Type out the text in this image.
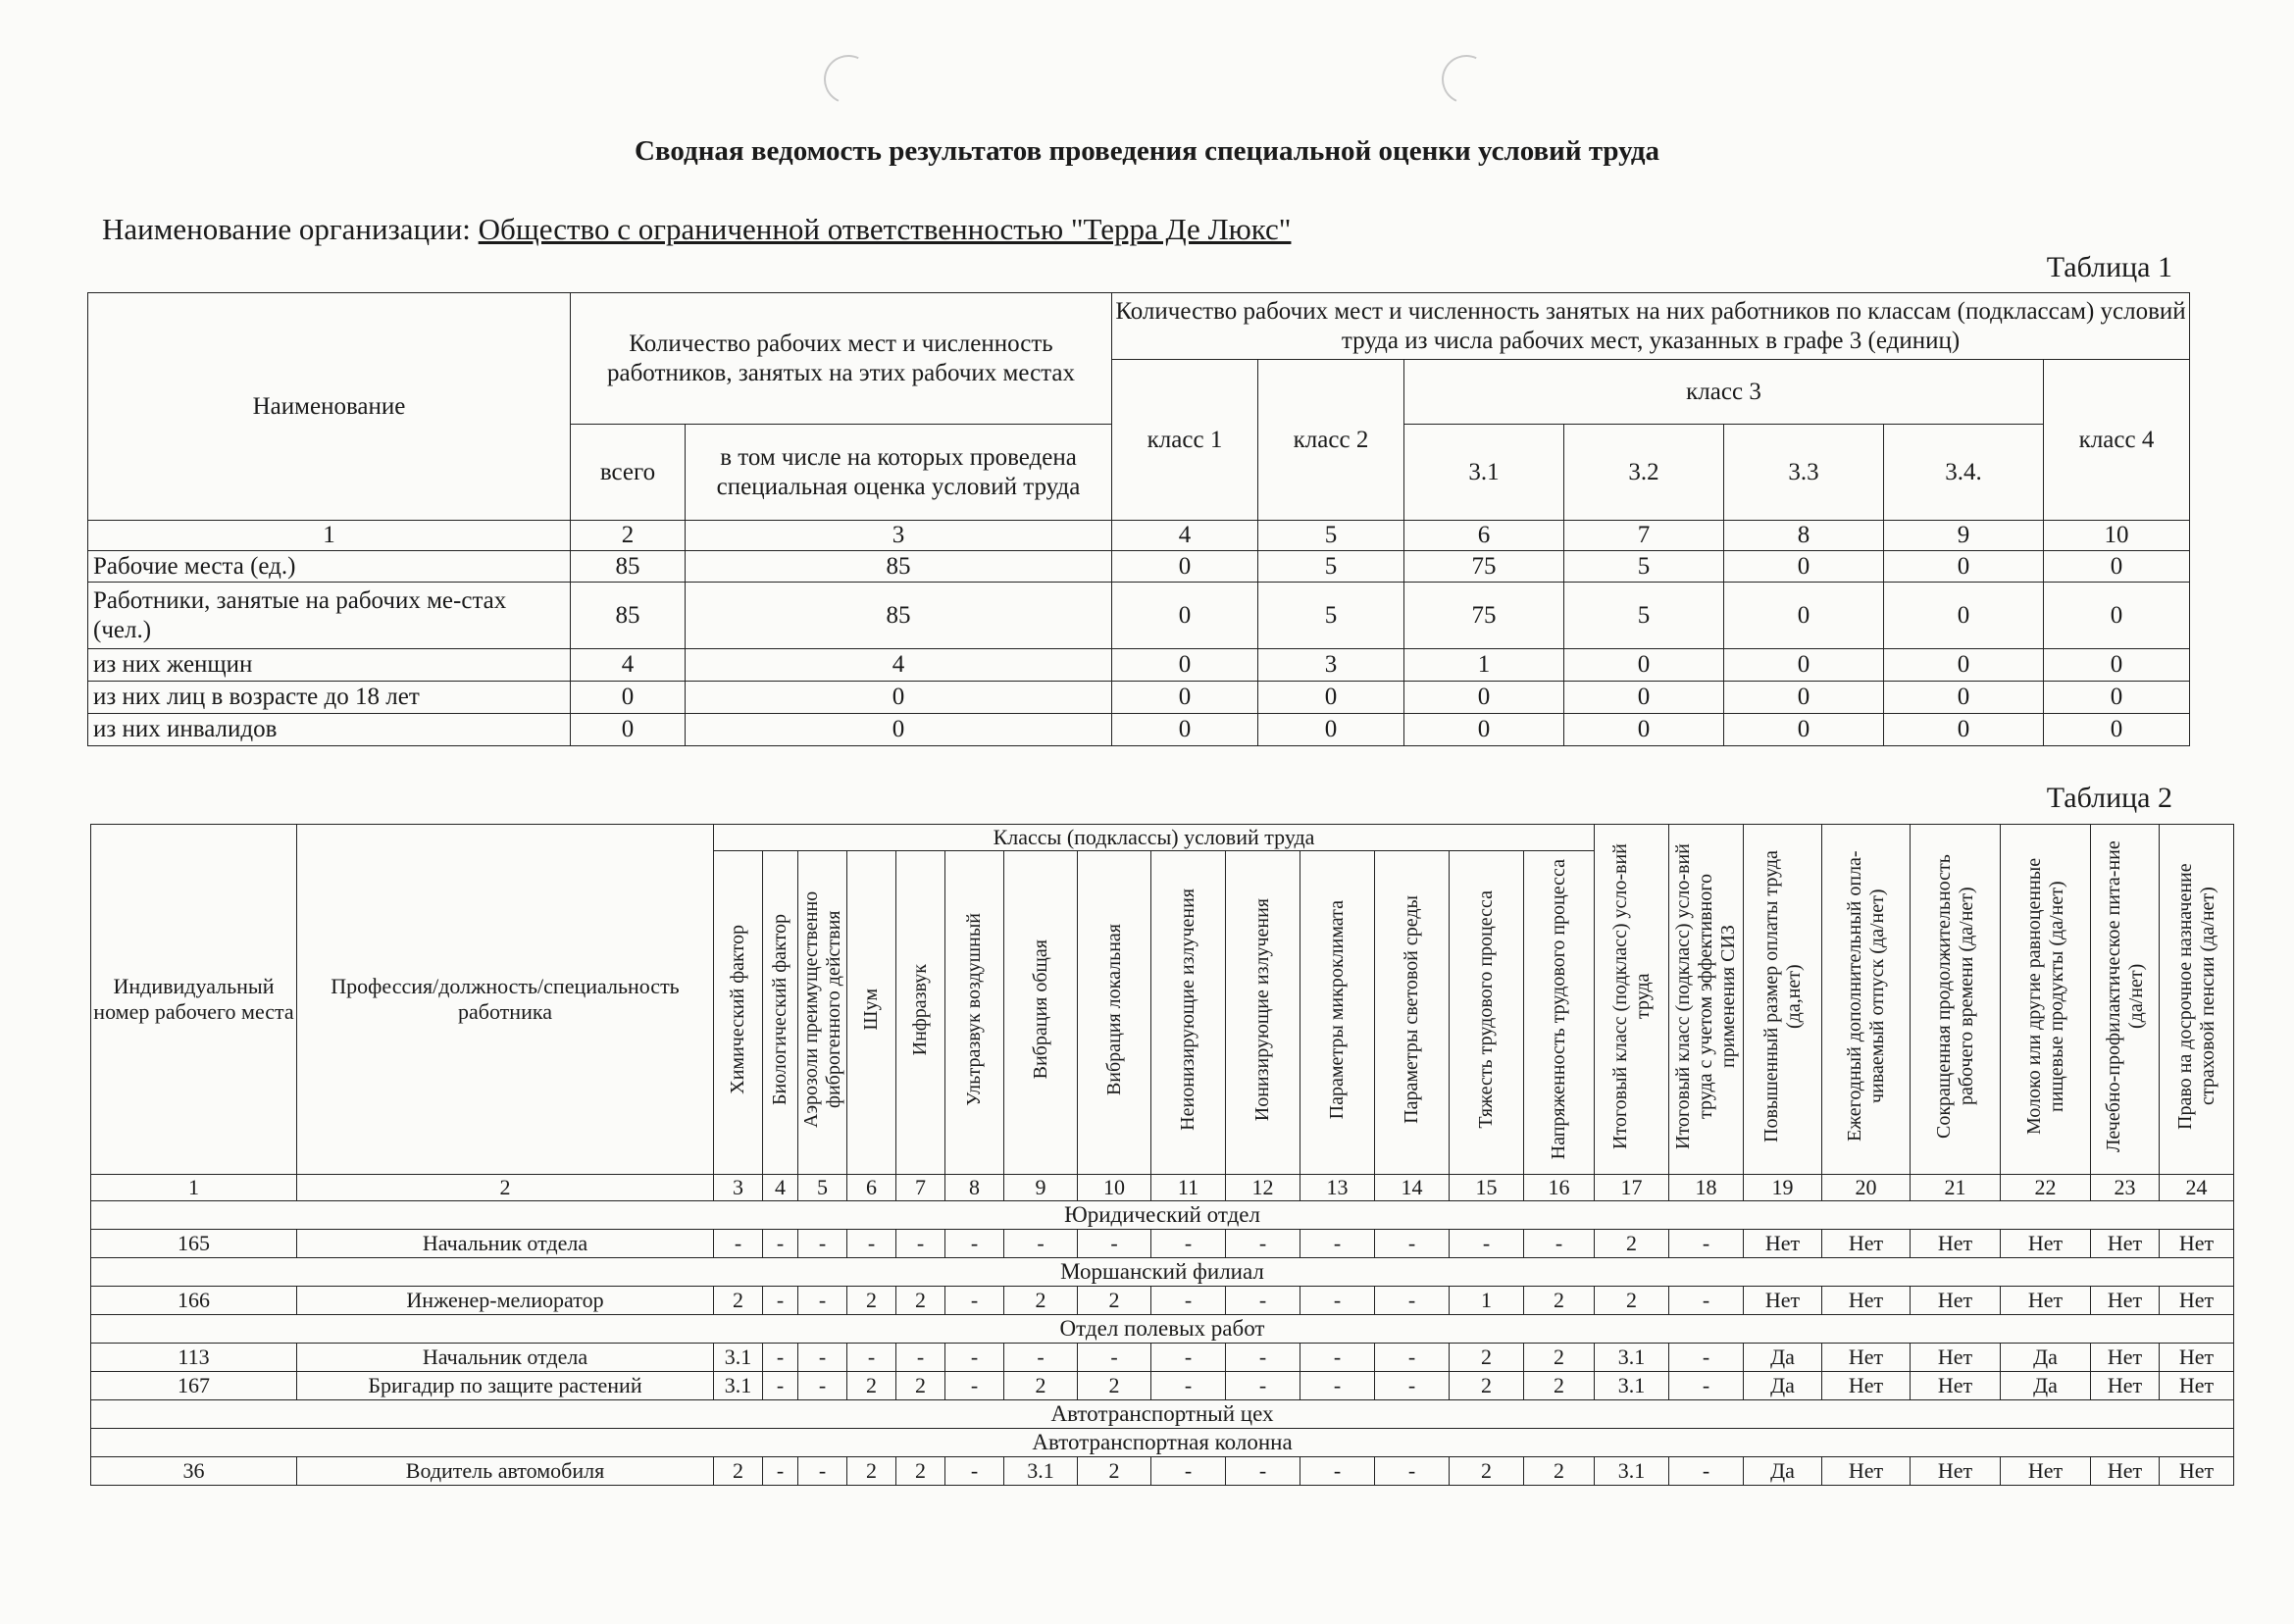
Сводная ведомость результатов проведения специальной оценки условий труда
Наименование организации: Общество с ограниченной ответственностью "Терра Де Люкс"
Таблица 1
Наименование	Количество рабочих мест и численность работников, занятых на этих рабочих местах		Количество рабочих мест и численность занятых на них работников по классам (подклассам) условий труда из числа рабочих мест, указанных в графе 3 (единиц)						
			класс 1	класс 2	класс 3				класс 4
	всего	в том числе на которых проведена специальная оценка условий труда			3.1	3.2	3.3	3.4.	
1	2	3	4	5	6	7	8	9	10
Рабочие места (ед.)	85	85	0	5	75	5	0	0	0
Работники, занятые на рабочих ме-стах (чел.)	85	85	0	5	75	5	0	0	0
из них женщин	4	4	0	3	1	0	0	0	0
из них лиц в возрасте до 18 лет	0	0	0	0	0	0	0	0	0
из них инвалидов	0	0	0	0	0	0	0	0	0
Таблица 2
Индивидуальный номер рабочего места	Профессия/должность/специальность работника	Классы (подклассы) условий труда														Итоговый класс (подкласс) усло-вий труда	Итоговый класс (подкласс) усло-вий труда с учетом эффективного применения СИЗ	Повышенный размер оплаты труда (да,нет)	Ежегодный дополнительный опла-чиваемый отпуск (да/нет)	Сокращенная продолжительность рабочего времени (да/нет)	Молоко или другие равноценные пищевые продукты (да/нет)	Лечебно-профилактическое пита-ние (да/нет)	Право на досрочное назначение страховой пенсии (да/нет)
		Химический фактор	Биологический фактор	Аэрозоли преимущественно фиброгенного действия	Шум	Инфразвук	Ультразвук воздушный	Вибрация общая	Вибрация локальная	Неионизирующие излучения	Ионизирующие излучения	Параметры микроклимата	Параметры световой среды	Тяжесть трудового процесса	Напряженность трудового процесса								
1	2	3	4	5	6	7	8	9	10	11	12	13	14	15	16	17	18	19	20	21	22	23	24
Юридический отдел																							
165	Начальник отдела	-	-	-	-	-	-	-	-	-	-	-	-	-	-	2	-	Нет	Нет	Нет	Нет	Нет	Нет
Моршанский филиал																							
166	Инженер-мелиоратор	2	-	-	2	2	-	2	2	-	-	-	-	1	2	2	-	Нет	Нет	Нет	Нет	Нет	Нет
Отдел полевых работ																							
113	Начальник отдела	3.1	-	-	-	-	-	-	-	-	-	-	-	2	2	3.1	-	Да	Нет	Нет	Да	Нет	Нет
167	Бригадир по защите растений	3.1	-	-	2	2	-	2	2	-	-	-	-	2	2	3.1	-	Да	Нет	Нет	Да	Нет	Нет
Автотранспортный цех																							
Автотранспортная колонна																							
36	Водитель автомобиля	2	-	-	2	2	-	3.1	2	-	-	-	-	2	2	3.1	-	Да	Нет	Нет	Нет	Нет	Нет
